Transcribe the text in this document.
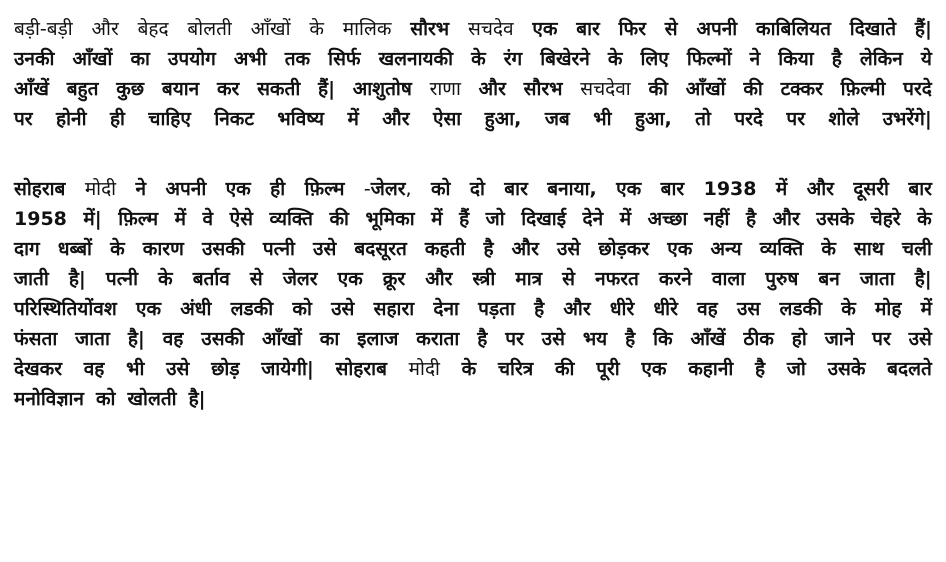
बड़ी-बड़ी और बेहद बोलती आँखों के मालिक सौरभ सचदेव एक बार फिर से अपनी काबिलियत दिखाते हैं|
उनकी आँखों का उपयोग अभी तक सिर्फ खलनायकी के रंग बिखेरने के लिए फिल्मों ने किया है लेकिन ये
आँखें बहुत कुछ बयान कर सकती हैं| आशुतोष राणा और सौरभ सचदेवा की आँखों की टक्कर फ़िल्मी परदे
पर होनी ही चाहिए निकट भविष्य में और ऐसा हुआ, जब भी हुआ, तो परदे पर शोले उभरेंगे|
सोहराब मोदी ने अपनी एक ही फ़िल्म -जेलर, को दो बार बनाया, एक बार 1938 में और दूसरी बार
1958 में| फ़िल्म में वे ऐसे व्यक्ति की भूमिका में हैं जो दिखाई देने में अच्छा नहीं है और उसके चेहरे के
दाग धब्बों के कारण उसकी पत्नी उसे बदसूरत कहती है और उसे छोड़कर एक अन्य व्यक्ति के साथ चली
जाती है| पत्नी के बर्ताव से जेलर एक क्रूर और स्त्री मात्र से नफरत करने वाला पुरुष बन जाता है|
परिस्थितियोंवश एक अंधी लडकी को उसे सहारा देना पड़ता है और धीरे धीरे वह उस लडकी के मोह में
फंसता जाता है| वह उसकी आँखों का इलाज कराता है पर उसे भय है कि आँखें ठीक हो जाने पर उसे
देखकर वह भी उसे छोड़ जायेगी| सोहराब मोदी के चरित्र की पूरी एक कहानी है जो उसके बदलते
मनोविज्ञान को खोलती है|
